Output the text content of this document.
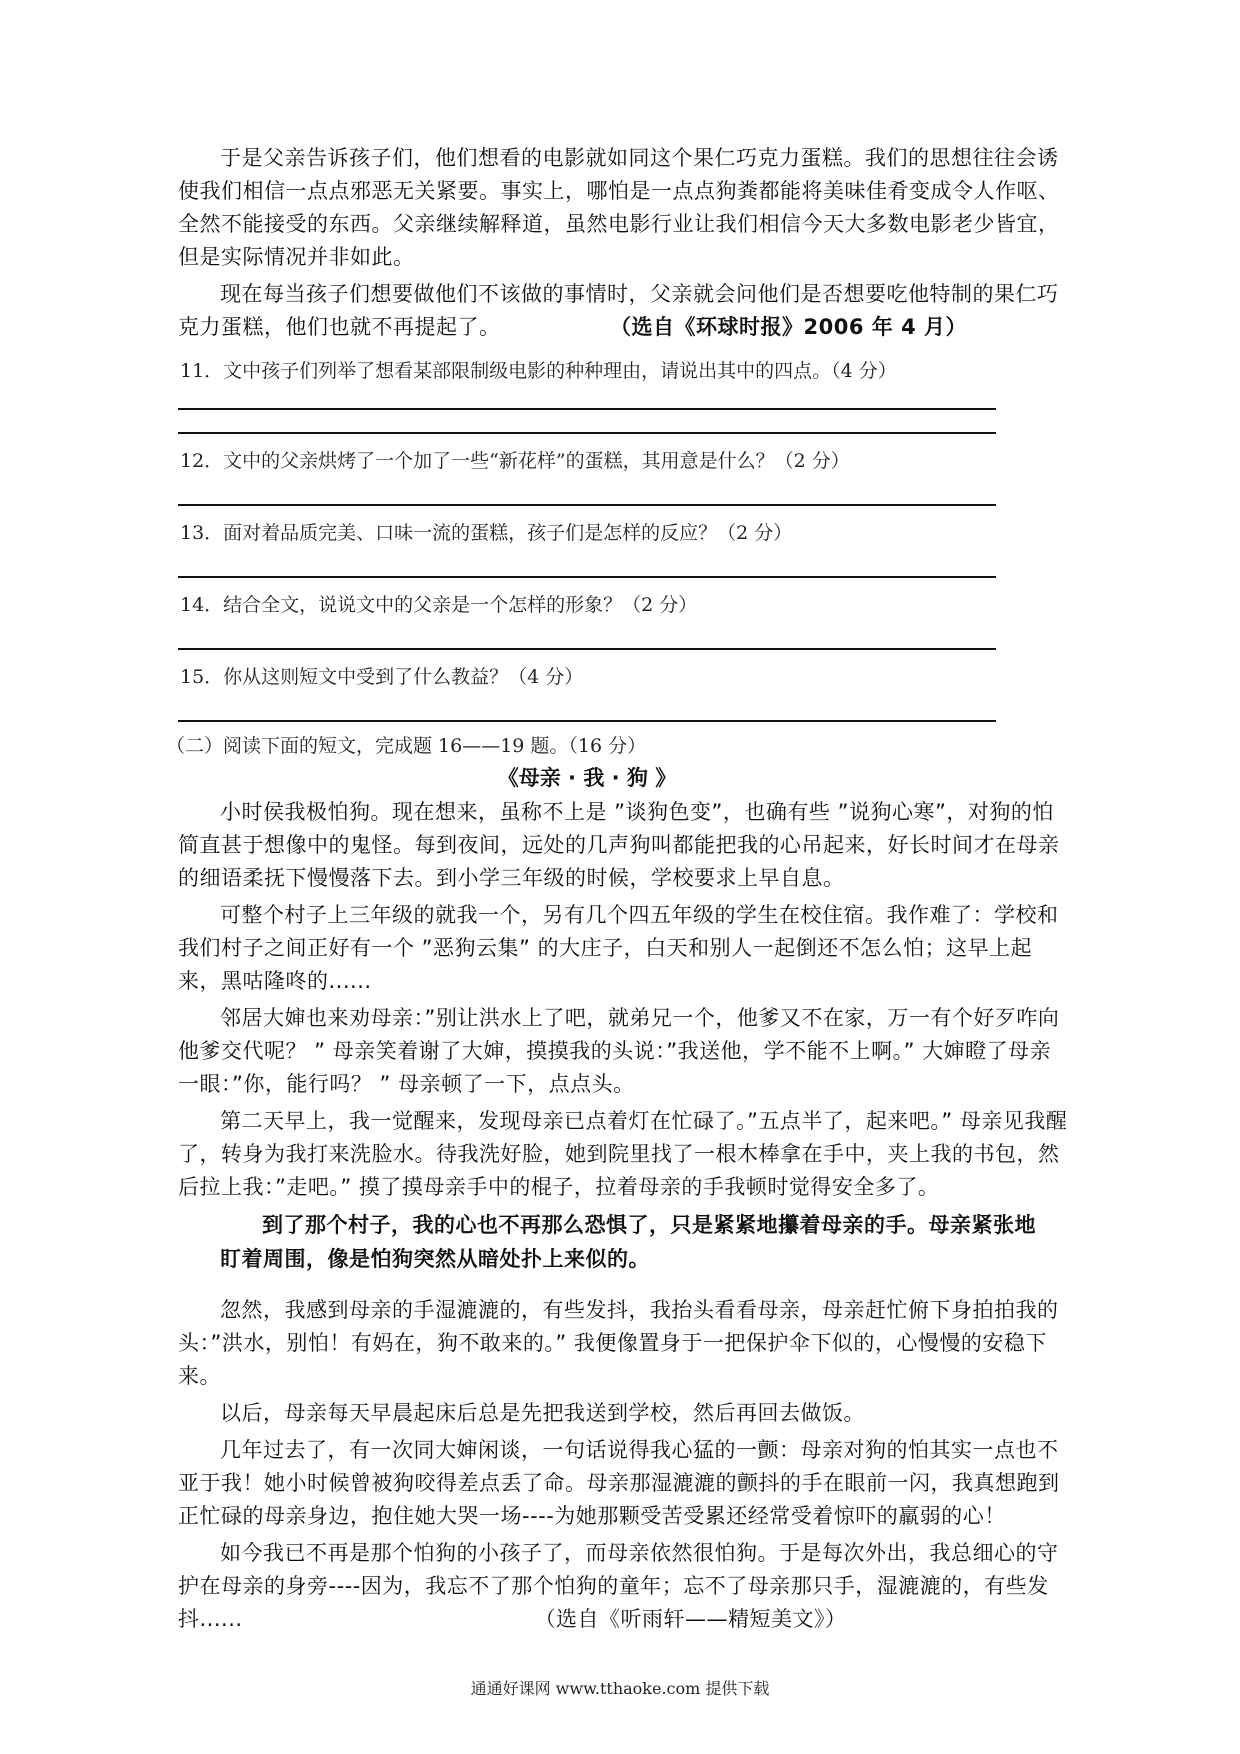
于是父亲告诉孩子们，他们想看的电影就如同这个果仁巧克力蛋糕。我们的思想往往会诱使我们相信一点点邪恶无关紧要。事实上，哪怕是一点点狗粪都能将美味佳肴变成令人作呕、全然不能接受的东西。父亲继续解释道，虽然电影行业让我们相信今天大多数电影老少皆宜，但是实际情况并非如此。

现在每当孩子们想要做他们不该做的事情时，父亲就会问他们是否想要吃他特制的果仁巧克力蛋糕，他们也就不再提起了。	（选自《环球时报》2006 年 4 月）

11．文中孩子们列举了想看某部限制级电影的种种理由，请说出其中的四点。（4 分）

12．文中的父亲烘烤了一个加了一些“新花样”的蛋糕，其用意是什么？（2 分）

13．面对着品质完美、口味一流的蛋糕，孩子们是怎样的反应？（2 分）

14．结合全文，说说文中的父亲是一个怎样的形象？（2 分）

15．你从这则短文中受到了什么教益？（4 分）

（二）阅读下面的短文，完成题 16——19 题。（16 分）

《母亲 · 我 · 狗 》

小时侯我极怕狗。现在想来，虽称不上是 ”谈狗色变”，也确有些 ”说狗心寒”，对狗的怕简直甚于想像中的鬼怪。每到夜间，远处的几声狗叫都能把我的心吊起来，好长时间才在母亲的细语柔抚下慢慢落下去。到小学三年级的时候，学校要求上早自息。

可整个村子上三年级的就我一个，另有几个四五年级的学生在校住宿。我作难了：学校和我们村子之间正好有一个 ”恶狗云集” 的大庄子，白天和别人一起倒还不怎么怕；这早上起来，黑咕隆咚的......

邻居大婶也来劝母亲：”别让洪水上了吧，就弟兄一个，他爹又不在家，万一有个好歹咋向他爹交代呢？ ” 母亲笑着谢了大婶，摸摸我的头说：”我送他，学不能不上啊。” 大婶瞪了母亲一眼：”你，能行吗？ ” 母亲顿了一下，点点头。

第二天早上，我一觉醒来，发现母亲已点着灯在忙碌了。”五点半了，起来吧。” 母亲见我醒了，转身为我打来洗脸水。待我洗好脸，她到院里找了一根木棒拿在手中，夹上我的书包，然后拉上我：”走吧。” 摸了摸母亲手中的棍子，拉着母亲的手我顿时觉得安全多了。

到了那个村子，我的心也不再那么恐惧了，只是紧紧地攥着母亲的手。母亲紧张地
盯着周围，像是怕狗突然从暗处扑上来似的。

忽然，我感到母亲的手湿漉漉的，有些发抖，我抬头看看母亲，母亲赶忙俯下身拍拍我的头：”洪水，别怕！有妈在，狗不敢来的。” 我便像置身于一把保护伞下似的，心慢慢的安稳下来。

以后，母亲每天早晨起床后总是先把我送到学校，然后再回去做饭。

几年过去了，有一次同大婶闲谈，一句话说得我心猛的一颤：母亲对狗的怕其实一点也不亚于我！她小时候曾被狗咬得差点丢了命。母亲那湿漉漉的颤抖的手在眼前一闪，我真想跑到正忙碌的母亲身边，抱住她大哭一场----为她那颗受苦受累还经常受着惊吓的羸弱的心！

如今我已不再是那个怕狗的小孩子了，而母亲依然很怕狗。于是每次外出，我总细心的守护在母亲的身旁----因为，我忘不了那个怕狗的童年；忘不了母亲那只手，湿漉漉的，有些发抖......	（选自《听雨轩——精短美文》）

通通好课网 www.tthaoke.com 提供下载
